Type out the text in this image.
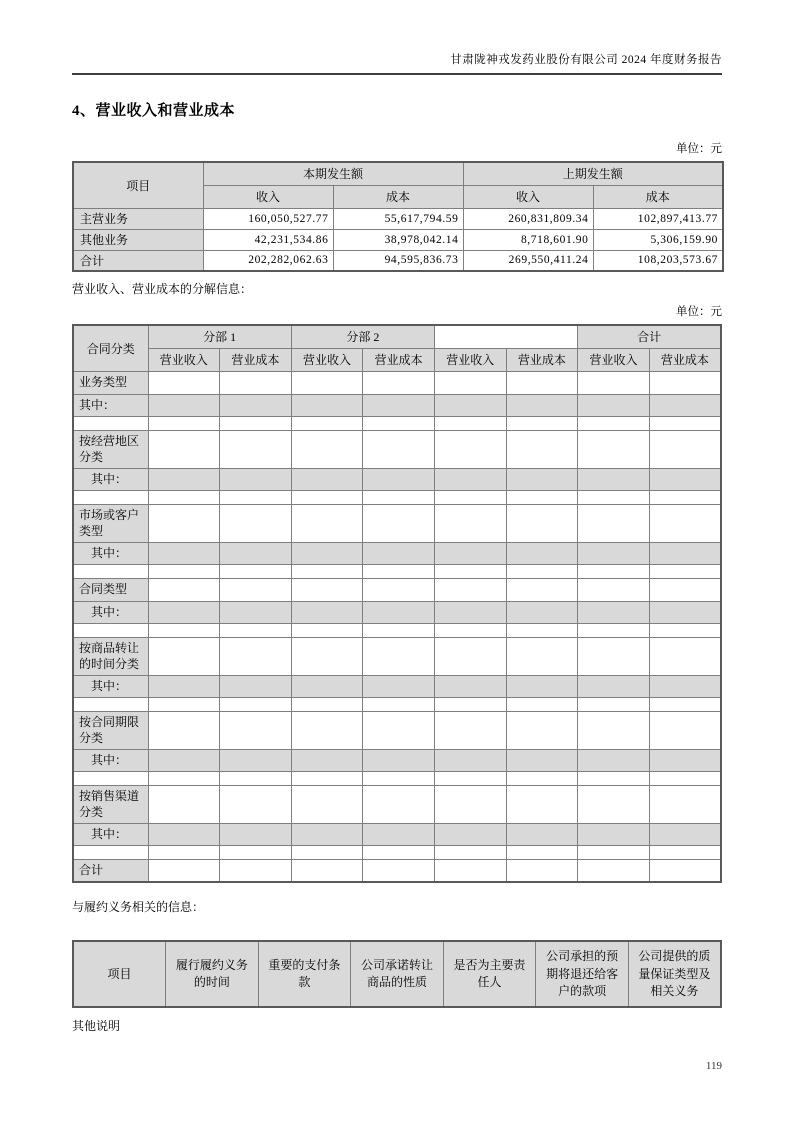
甘肃陇神戎发药业股份有限公司 2024 年度财务报告
4、营业收入和营业成本
单位：元
项目	本期发生额		上期发生额	
	收入	成本	收入	成本
主营业务	160,050,527.77	55,617,794.59	260,831,809.34	102,897,413.77
其他业务	42,231,534.86	38,978,042.14	8,718,601.90	5,306,159.90
合计	202,282,062.63	94,595,836.73	269,550,411.24	108,203,573.67
营业收入、营业成本的分解信息：
单位：元
合同分类	分部 1		分部 2				合计	
	营业收入	营业成本	营业收入	营业成本	营业收入	营业成本	营业收入	营业成本
业务类型								
其中：								

按经营地区分类								
其中：								

市场或客户类型								
其中：								

合同类型								
其中：								

按商品转让的时间分类								
其中：								

按合同期限分类								
其中：								

按销售渠道分类								
其中：								

合计								
与履约义务相关的信息：
项目	履行履约义务的时间	重要的支付条款	公司承诺转让商品的性质	是否为主要责任人	公司承担的预期将退还给客户的款项	公司提供的质量保证类型及相关义务
其他说明
119
